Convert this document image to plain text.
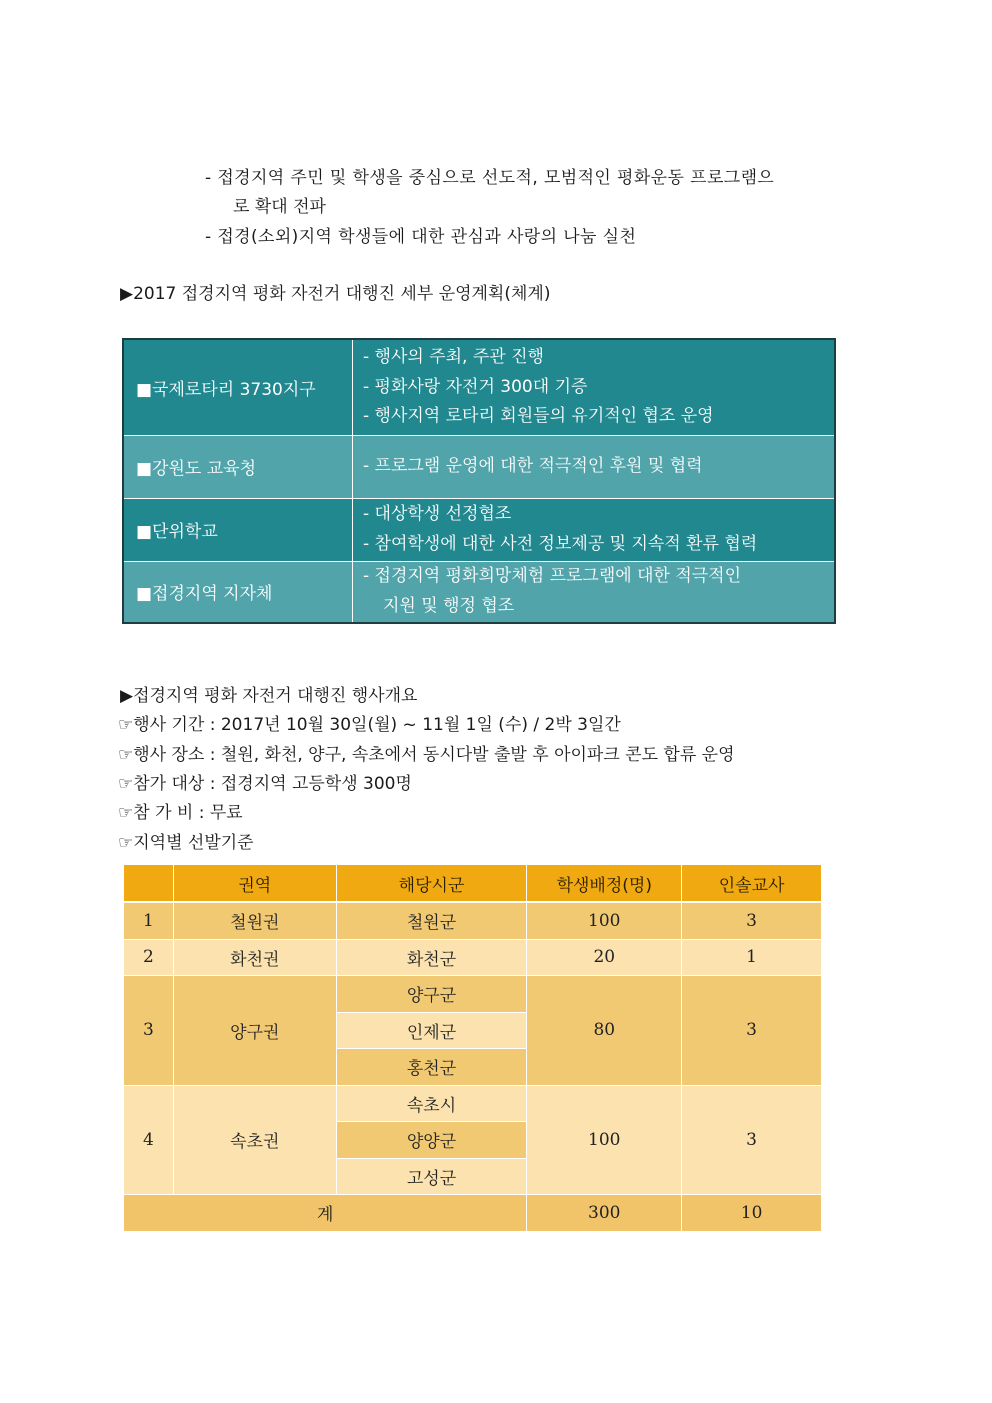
- 접경지역 주민 및 학생을 중심으로 선도적, 모범적인 평화운동 프로그램으
로 확대 전파
- 접경(소외)지역 학생들에 대한 관심과 사랑의 나눔 실천
▶2017 접경지역 평화 자전거 대행진 세부 운영계획(체계)
■국제로타리 3730지구	- 행사의 주최, 주관 진행
- 평화사랑 자전거 300대 기증
- 행사지역 로타리 회원들의 유기적인 협조 운영

■강원도 교육청	- 프로그램 운영에 대한 적극적인 후원 및 협력

■단위학교	- 대상학생 선정협조
- 참여학생에 대한 사전 정보제공 및 지속적 환류 협력

■접경지역 지자체	- 접경지역 평화희망체험 프로그램에 대한 적극적인
지원 및 행정 협조
▶접경지역 평화 자전거 대행진 행사개요
☞행사 기간 : 2017년 10월 30일(월) ~ 11월 1일 (수) / 2박 3일간
☞행사 장소 : 철원, 화천, 양구, 속초에서 동시다발 출발 후 아이파크 콘도 합류 운영
☞참가 대상 : 접경지역 고등학생 300명
☞참 가 비 : 무료
☞지역별 선발기준
	권역	해당시군	학생배정(명)	인솔교사
1	철원권	철원군	100	3
2	화천권	화천군	20	1
3	양구권	양구군	80	3
		인제군		
		홍천군		
4	속초권	속초시	100	3
		양양군		
		고성군		
계			300	10
